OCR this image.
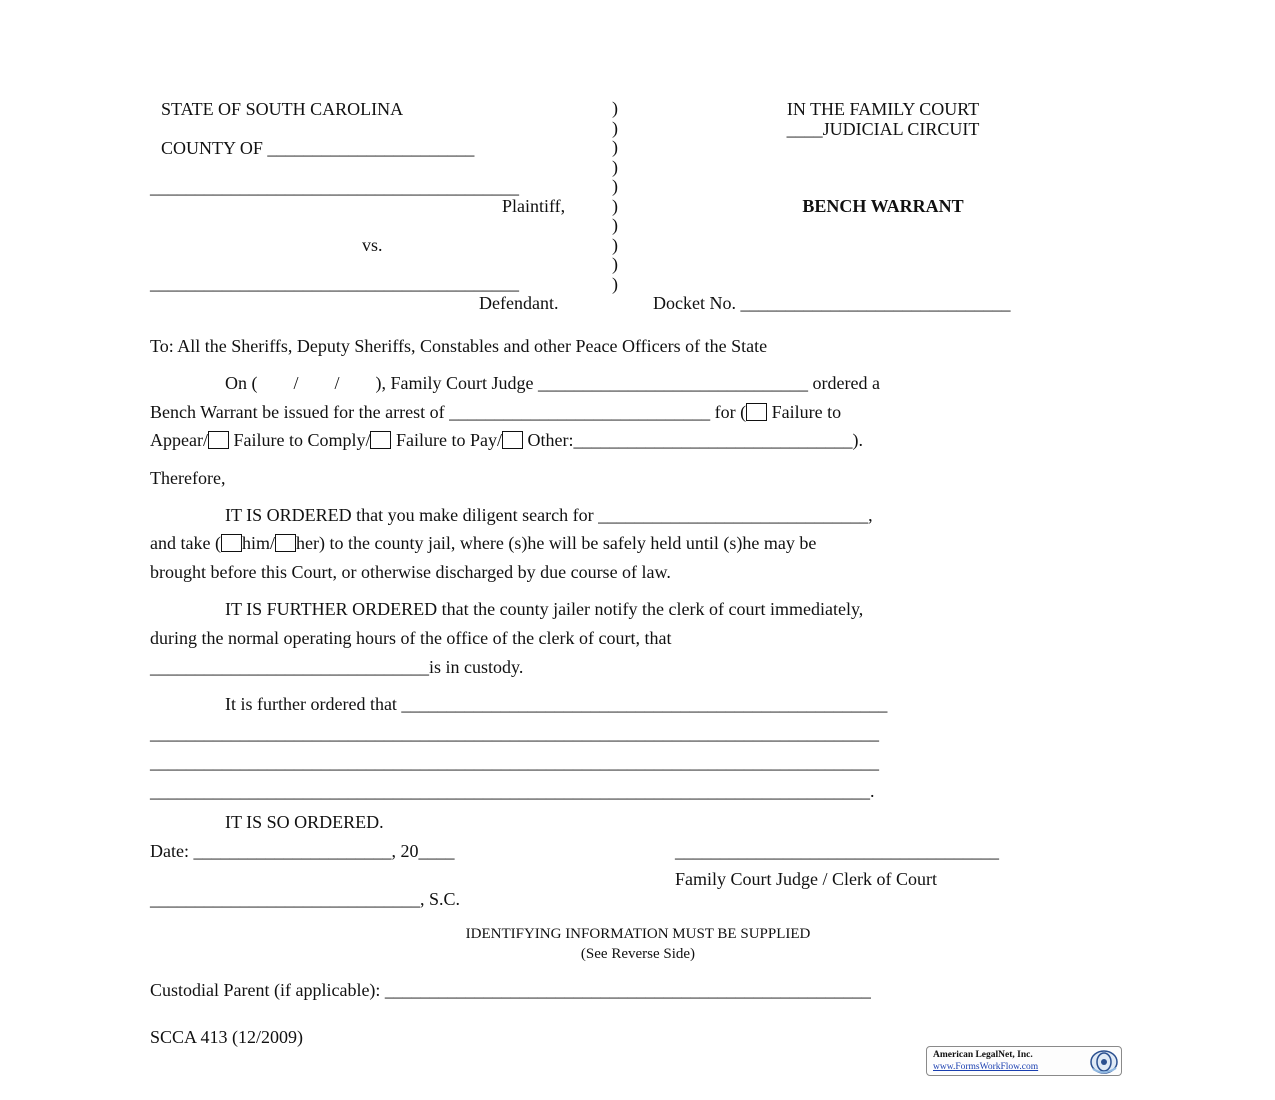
STATE OF SOUTH CAROLINA
COUNTY OF _______________________
_________________________________________
Plaintiff,
vs.
_________________________________________
Defendant.
)
)
)
)
)
)
)
)
)
)
IN THE FAMILY COURT
____JUDICIAL CIRCUIT
BENCH WARRANT
Docket No. ______________________________
To: All the Sheriffs, Deputy Sheriffs, Constables and other Peace Officers of the State
On (        /        /        ), Family Court Judge ______________________________ ordered a
Bench Warrant be issued for the arrest of _____________________________ for ( Failure to
Appear/ Failure to Comply/ Failure to Pay/ Other:_______________________________).
Therefore,
IT IS ORDERED that you make diligent search for ______________________________,
and take ( him/ her) to the county jail, where (s)he will be safely held until (s)he may be
brought before this Court, or otherwise discharged by due course of law.
IT IS FURTHER ORDERED that the county jailer notify the clerk of court immediately,
during the normal operating hours of the office of the clerk of court, that
_______________________________is in custody.
It is further ordered that ______________________________________________________
_________________________________________________________________________________
_________________________________________________________________________________
________________________________________________________________________________.
IT IS SO ORDERED.
Date: ______________________, 20____	____________________________________
Family Court Judge / Clerk of Court
______________________________, S.C.
IDENTIFYING INFORMATION MUST BE SUPPLIED
(See Reverse Side)
Custodial Parent (if applicable): ______________________________________________________
SCCA 413 (12/2009)
American LegalNet, Inc.
www.FormsWorkFlow.com
